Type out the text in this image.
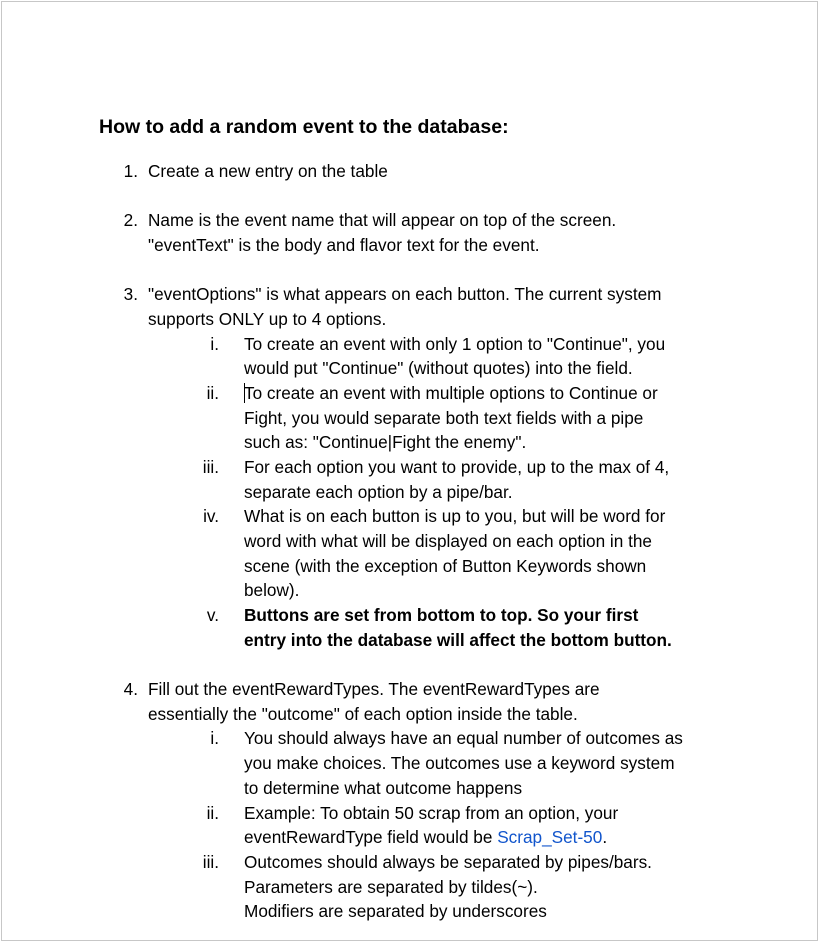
How to add a random event to the database:
1. Create a new entry on the table
2. Name is the event name that will appear on top of the screen.
"eventText" is the body and flavor text for the event.
3. "eventOptions" is what appears on each button. The current system
supports ONLY up to 4 options.
i. To create an event with only 1 option to "Continue", you
would put "Continue" (without quotes) into the field.
ii. To create an event with multiple options to Continue or
Fight, you would separate both text fields with a pipe
such as: "Continue|Fight the enemy".
iii. For each option you want to provide, up to the max of 4,
separate each option by a pipe/bar.
iv. What is on each button is up to you, but will be word for
word with what will be displayed on each option in the
scene (with the exception of Button Keywords shown
below).
v. Buttons are set from bottom to top. So your first
entry into the database will affect the bottom button.
4. Fill out the eventRewardTypes. The eventRewardTypes are
essentially the "outcome" of each option inside the table.
i. You should always have an equal number of outcomes as
you make choices. The outcomes use a keyword system
to determine what outcome happens
ii. Example: To obtain 50 scrap from an option, your
eventRewardType field would be Scrap_Set-50.
iii. Outcomes should always be separated by pipes/bars.
Parameters are separated by tildes(~).
Modifiers are separated by underscores
